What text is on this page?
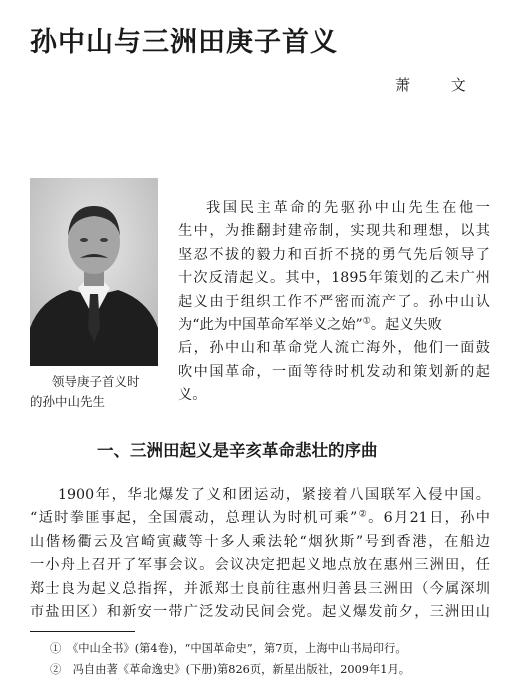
孙中山与三洲田庚子首义
萧 文
领导庚子首义时
的孙中山先生
我国民主革命的先驱孙中山先生在他一
生中，为推翻封建帝制，实现共和理想，以其
坚忍不拔的毅力和百折不挠的勇气先后领导了
十次反清起义。其中，1895年策划的乙未广州
起义由于组织工作不严密而流产了。孙中山认
为“此为中国革命军举义之始”①。起义失败
后，孙中山和革命党人流亡海外，他们一面鼓
吹中国革命，一面等待时机发动和策划新的起
义。
一、三洲田起义是辛亥革命悲壮的序曲
1900年，华北爆发了义和团运动，紧接着八国联军入侵中国。
“适时拳匪事起，全国震动，总理认为时机可乘”②。6月21日，孙中
山偕杨衢云及宫崎寅藏等十多人乘法轮“烟狄斯”号到香港，在船边
一小舟上召开了军事会议。会议决定把起义地点放在惠州三洲田，任
郑士良为起义总指挥，并派郑士良前往惠州归善县三洲田（今属深圳
市盐田区）和新安一带广泛发动民间会党。起义爆发前夕，三洲田山
①　《中山全书》(第4卷)，“中国革命史”，第7页，上海中山书局印行。
②　冯自由著《革命逸史》(下册)第826页，新星出版社，2009年1月。
